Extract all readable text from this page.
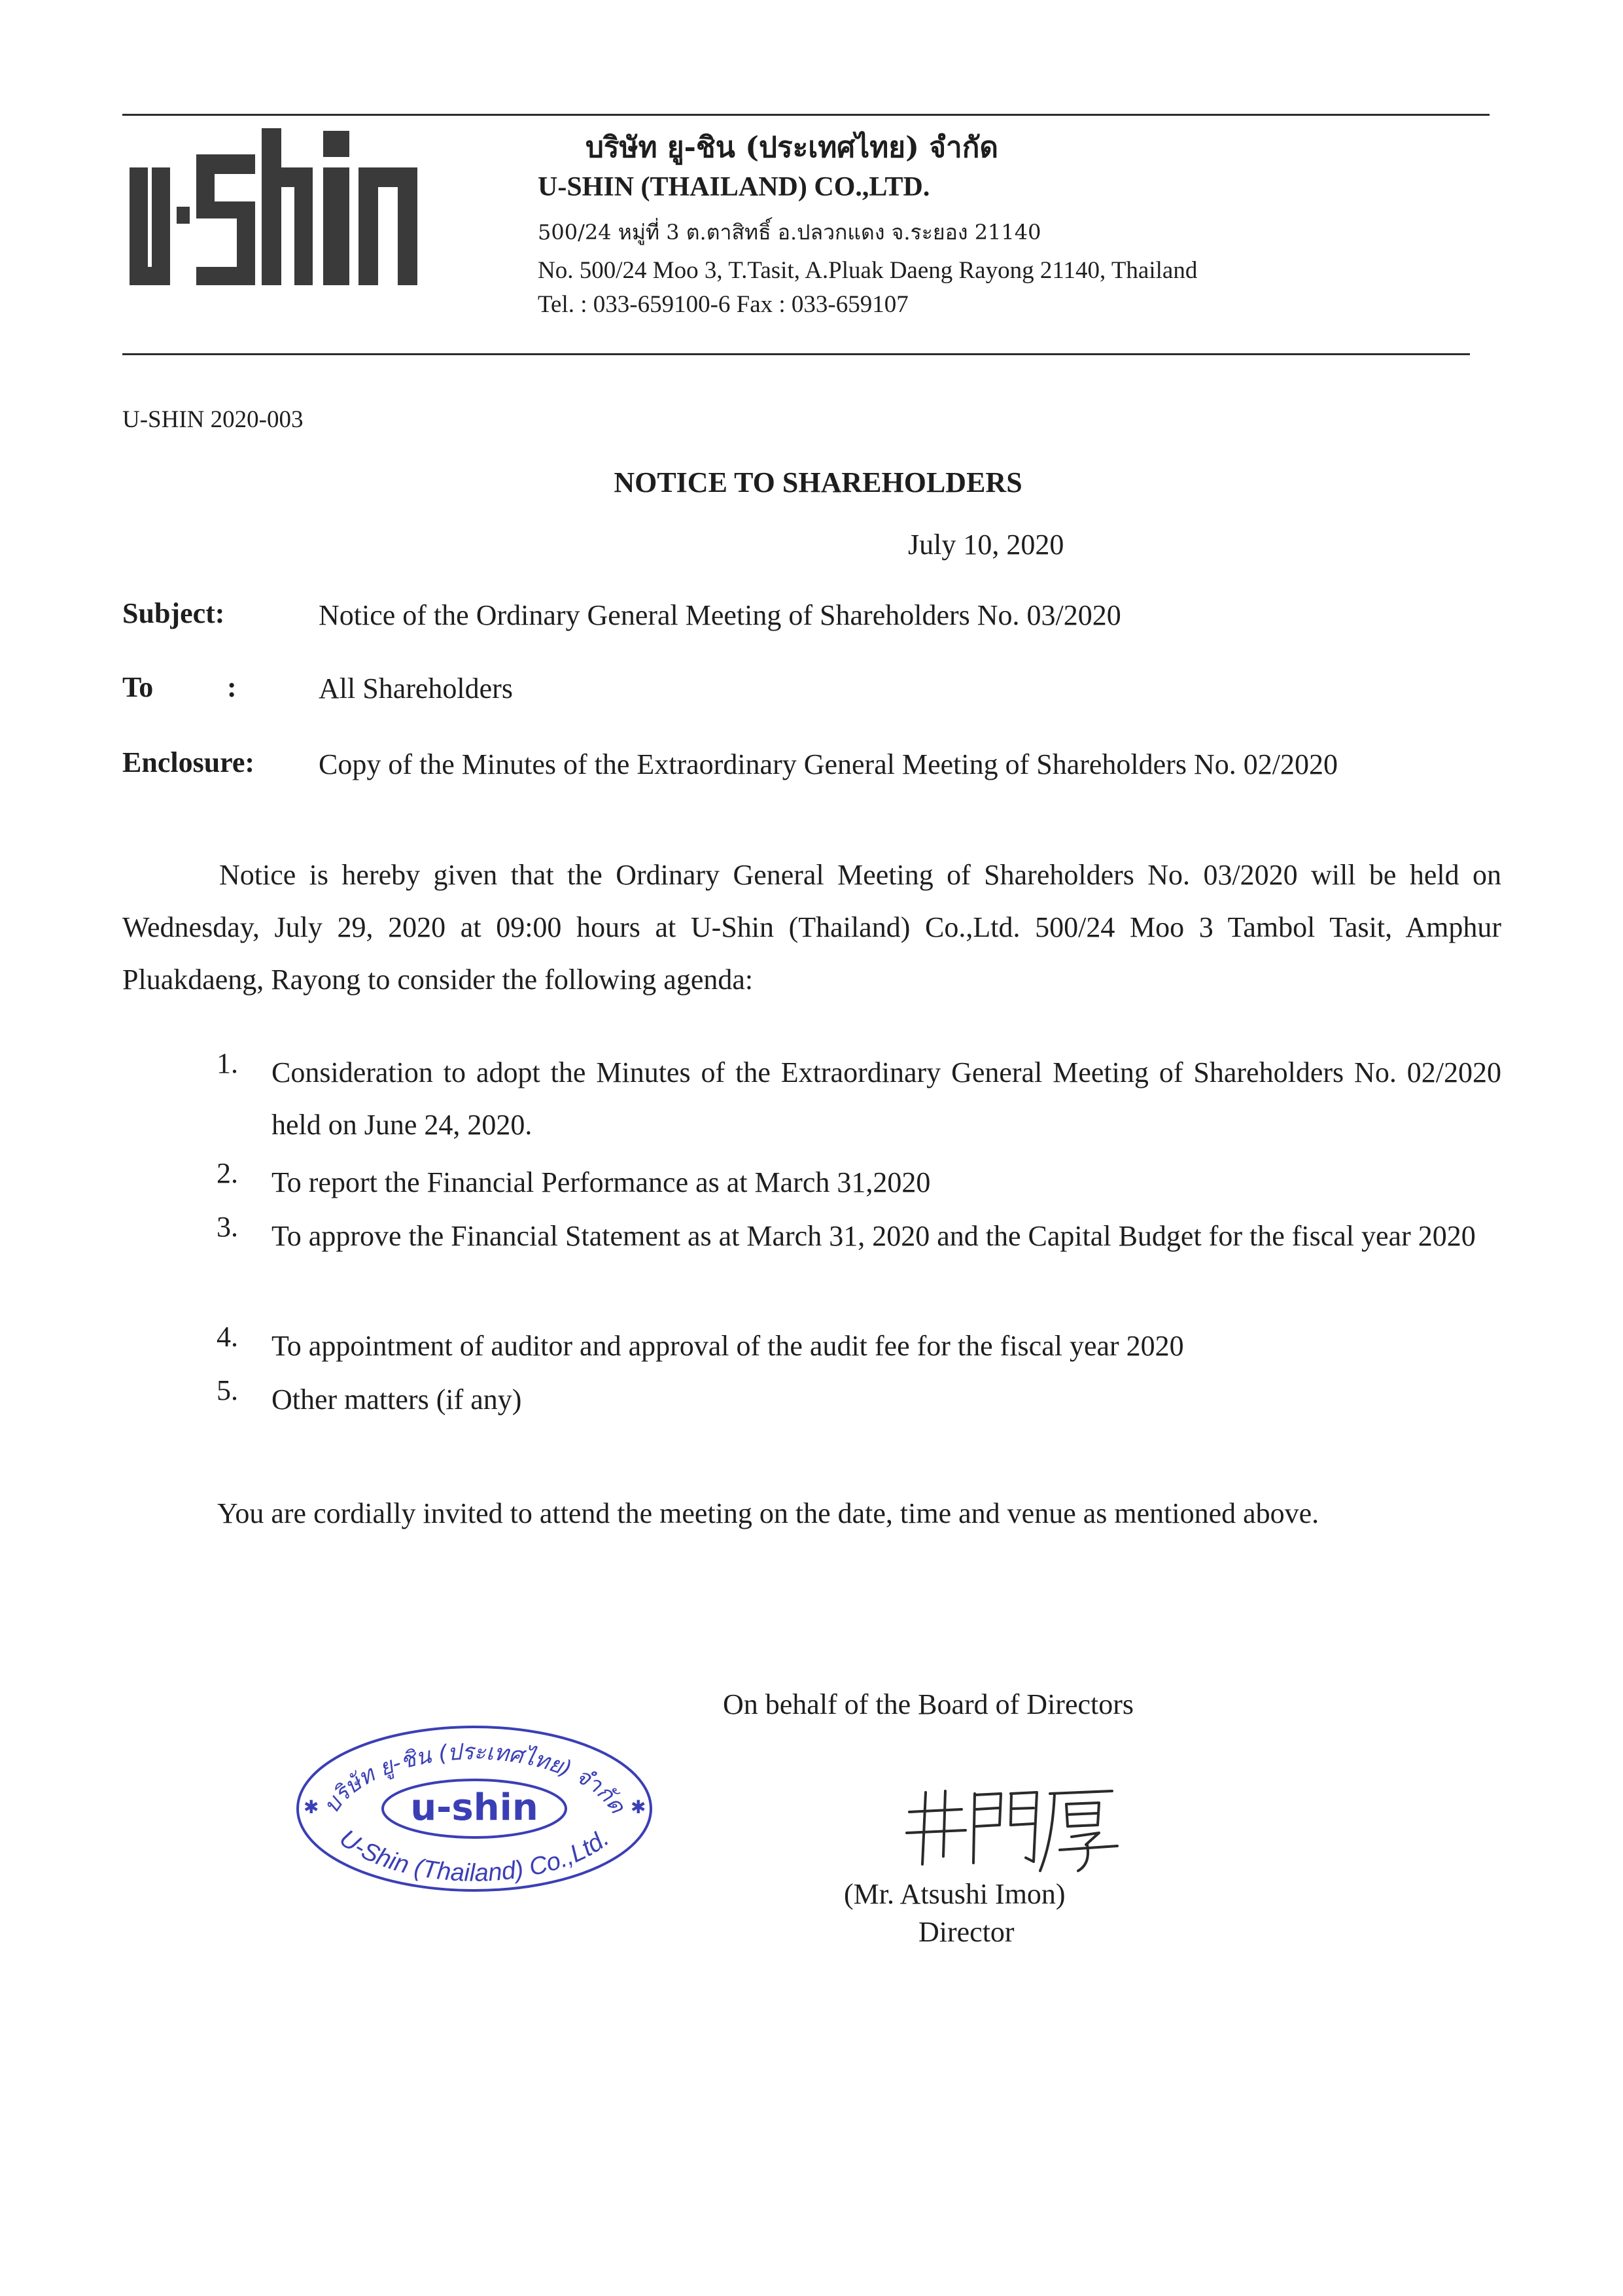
บริษัท ยู-ชิน (ประเทศไทย) จำกัด
U-SHIN (THAILAND) CO.,LTD.
500/24 หมู่ที่ 3 ต.ตาสิทธิ์ อ.ปลวกแดง จ.ระยอง 21140
No. 500/24 Moo 3, T.Tasit, A.Pluak Daeng Rayong 21140, Thailand
Tel. : 033-659100-6 Fax : 033-659107
U-SHIN 2020-003
NOTICE TO SHAREHOLDERS
July 10, 2020
Subject:	Notice of the Ordinary General Meeting of Shareholders No. 03/2020
To	:	All Shareholders
Enclosure: Copy of the Minutes of the Extraordinary General Meeting of Shareholders No. 02/2020
Notice is hereby given that the Ordinary General Meeting of Shareholders No. 03/2020 will be held on Wednesday, July 29, 2020 at 09:00 hours at U-Shin (Thailand) Co.,Ltd. 500/24 Moo 3 Tambol Tasit, Amphur Pluakdaeng, Rayong to consider the following agenda:
1. Consideration to adopt the Minutes of the Extraordinary General Meeting of Shareholders No. 02/2020 held on June 24, 2020.
2. To report the Financial Performance as at March 31,2020
3. To approve the Financial Statement as at March 31, 2020 and the Capital Budget for the fiscal year 2020
4. To appointment of auditor and approval of the audit fee for the fiscal year 2020
5. Other matters (if any)
You are cordially invited to attend the meeting on the date, time and venue as mentioned above.
On behalf of the Board of Directors
(Mr. Atsushi Imon)
Director
บริษัท ยู-ชิน (ประเทศไทย) จำกัด
U-Shin (Thailand) Co.,Ltd.
u-shin
✱	✱
